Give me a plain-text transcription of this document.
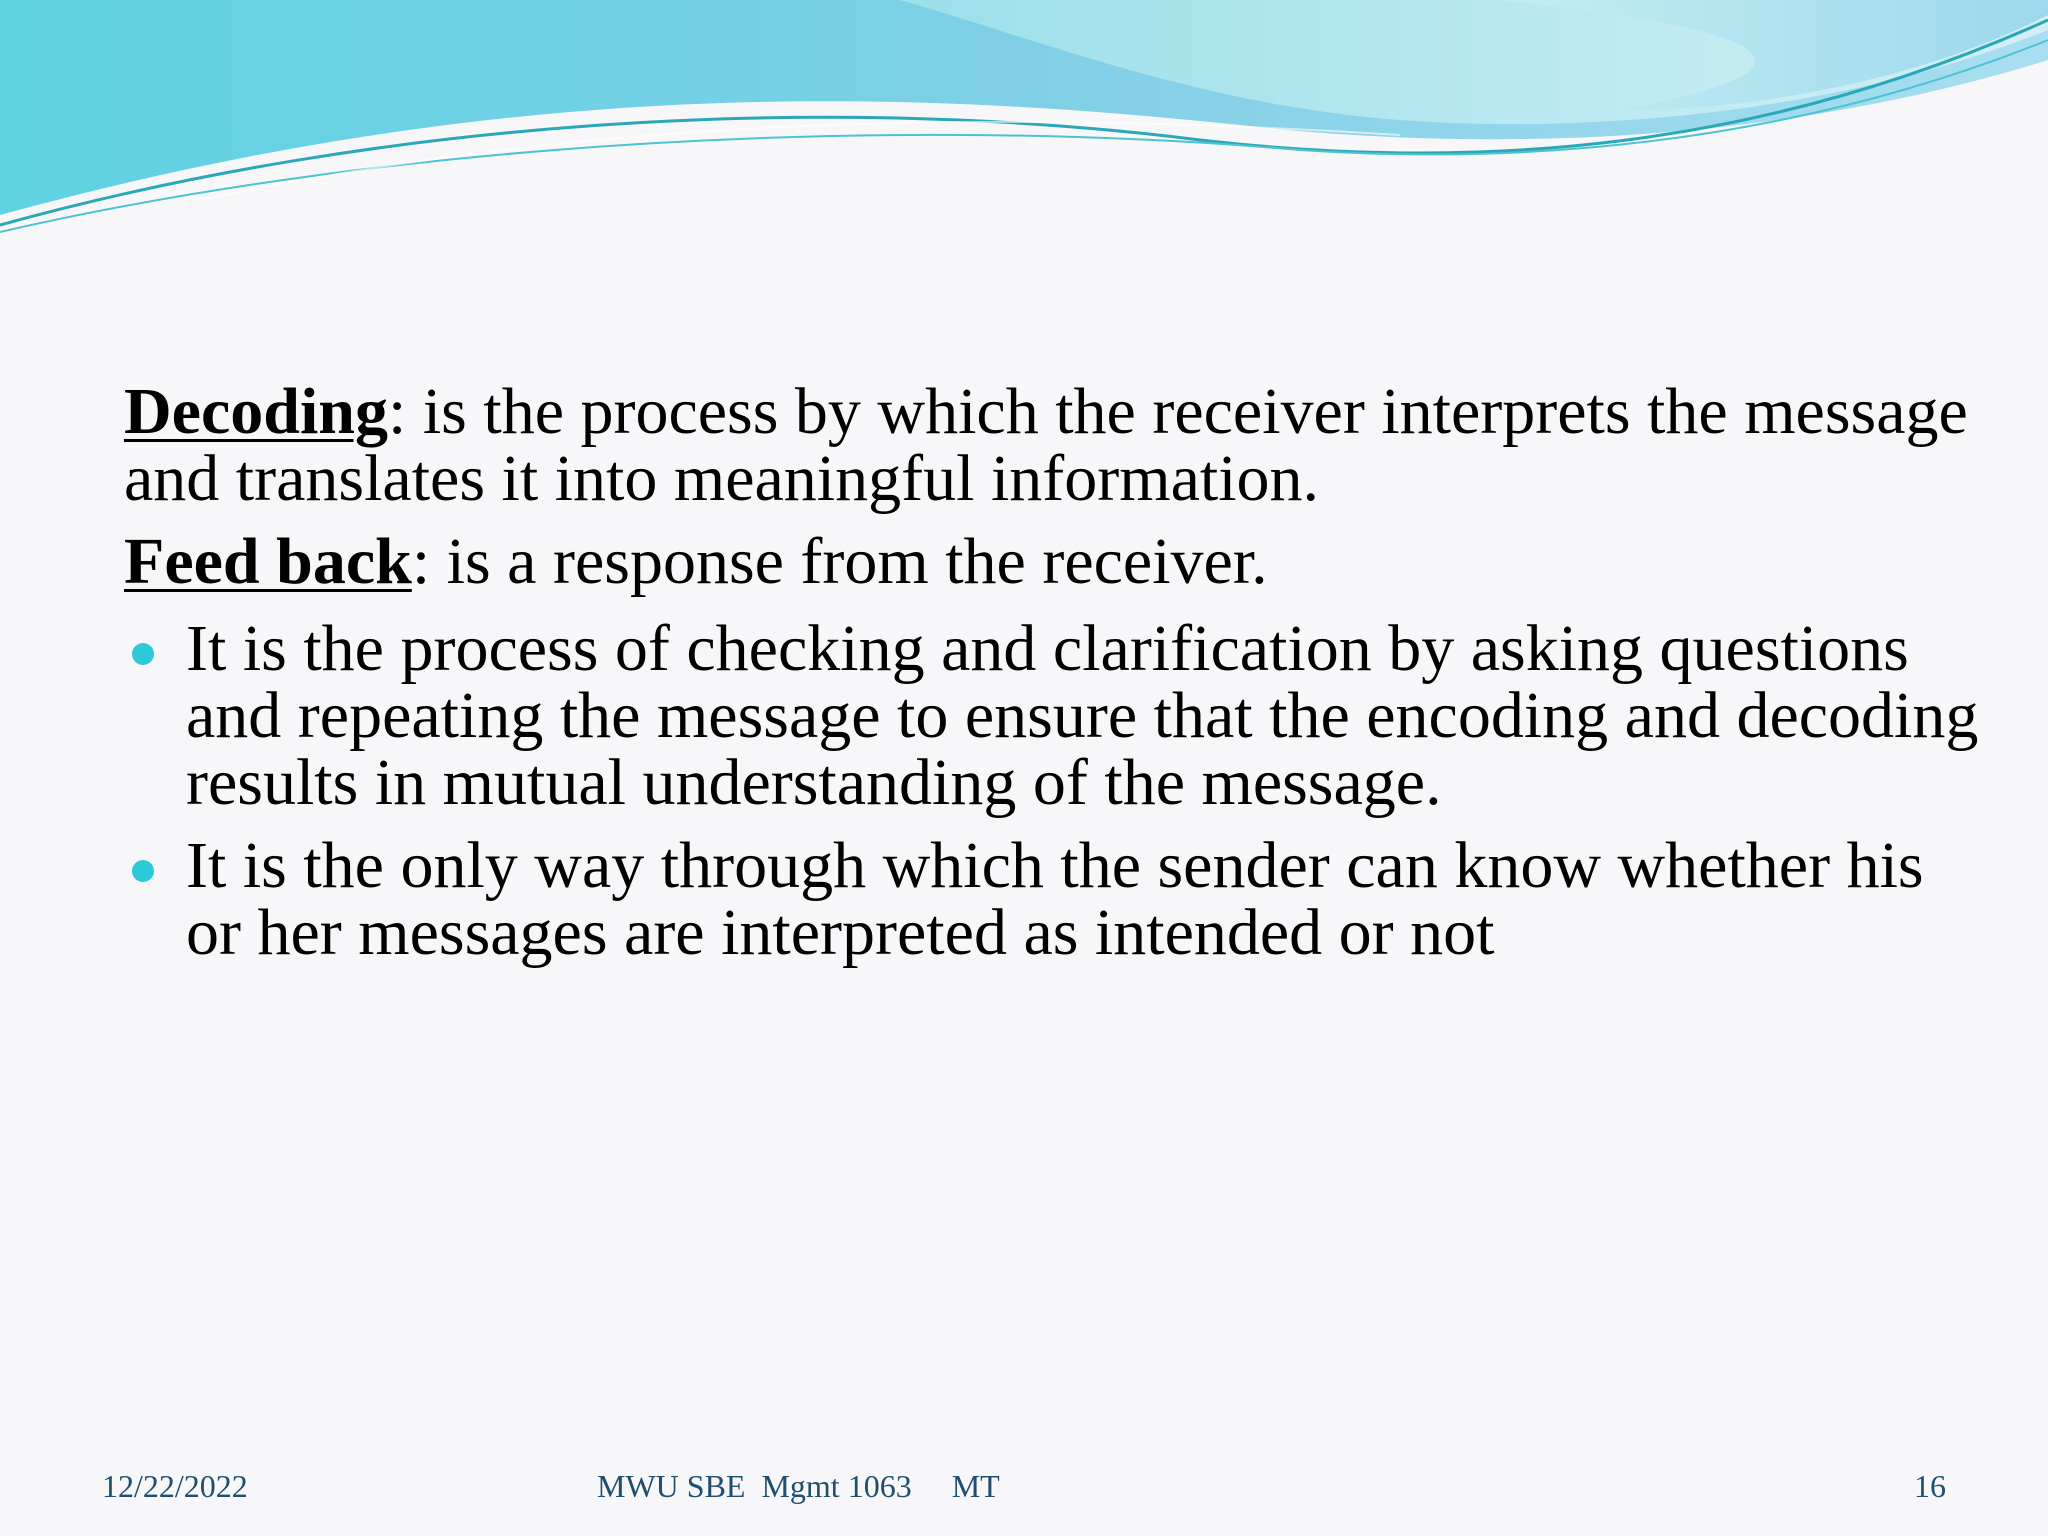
Decoding: is the process by which the receiver interprets the message and translates it into meaningful information.
Feed back: is a response from the receiver.
It is the process of checking and clarification by asking questions and repeating the message to ensure that the encoding and decoding results in mutual understanding of the message.
It is the only way through which the sender can know whether his or her messages are interpreted as intended or not
12/22/2022	MWU SBE  Mgmt 1063     MT	16
